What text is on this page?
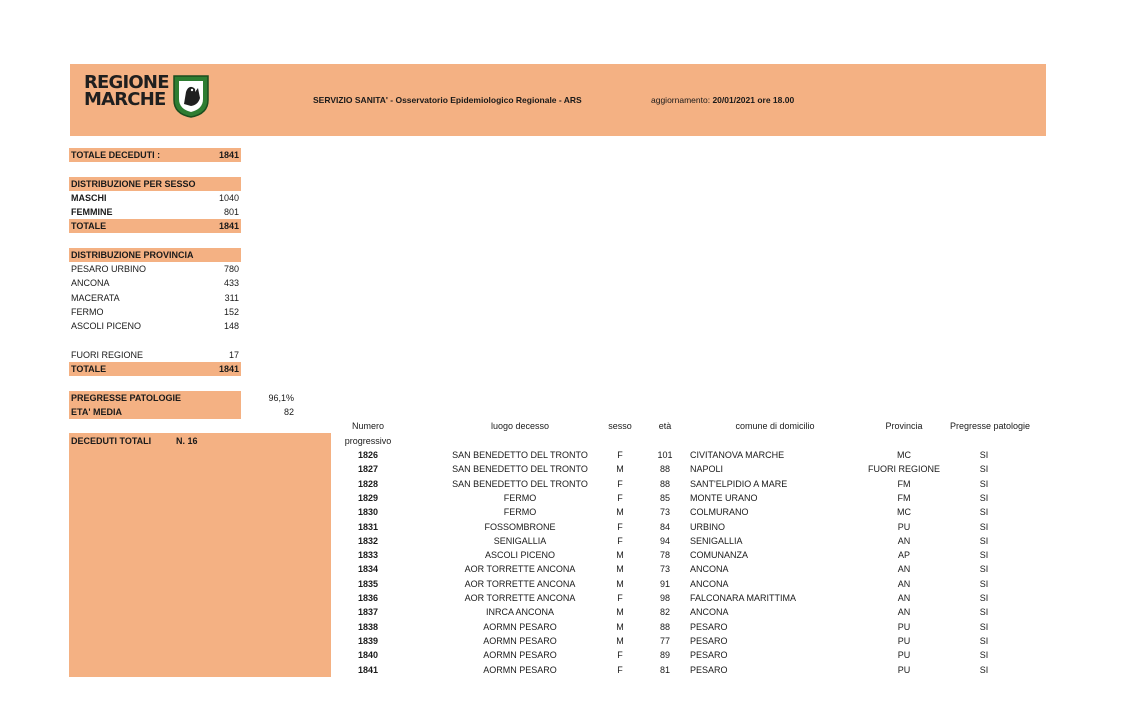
REGIONE
MARCHE	SERVIZIO SANITA' - Osservatorio Epidemiologico Regionale - ARS	aggiornamento: 20/01/2021 ore 18.00
TOTALE DECEDUTI :	1841
DISTRIBUZIONE PER SESSO
MASCHI	1040
FEMMINE	801
TOTALE	1841
DISTRIBUZIONE PROVINCIA
PESARO URBINO	780
ANCONA	433
MACERATA	311
FERMO	152
ASCOLI PICENO	148
FUORI REGIONE	17
TOTALE	1841
PREGRESSE PATOLOGIE	96,1%
ETA' MEDIA	82
DECEDUTI TOTALI	N. 16
Numero
progressivo
luogo decesso	sesso	età	comune di domicilio	Provincia	Pregresse patologie
1826	SAN BENEDETTO DEL TRONTO	F	101	CIVITANOVA MARCHE	MC	SI
1827	SAN BENEDETTO DEL TRONTO	M	88	NAPOLI	FUORI REGIONE	SI
1828	SAN BENEDETTO DEL TRONTO	F	88	SANT'ELPIDIO A MARE	FM	SI
1829	FERMO	F	85	MONTE URANO	FM	SI
1830	FERMO	M	73	COLMURANO	MC	SI
1831	FOSSOMBRONE	F	84	URBINO	PU	SI
1832	SENIGALLIA	F	94	SENIGALLIA	AN	SI
1833	ASCOLI PICENO	M	78	COMUNANZA	AP	SI
1834	AOR TORRETTE ANCONA	M	73	ANCONA	AN	SI
1835	AOR TORRETTE ANCONA	M	91	ANCONA	AN	SI
1836	AOR TORRETTE ANCONA	F	98	FALCONARA MARITTIMA	AN	SI
1837	INRCA ANCONA	M	82	ANCONA	AN	SI
1838	AORMN PESARO	M	88	PESARO	PU	SI
1839	AORMN PESARO	M	77	PESARO	PU	SI
1840	AORMN PESARO	F	89	PESARO	PU	SI
1841	AORMN PESARO	F	81	PESARO	PU	SI
